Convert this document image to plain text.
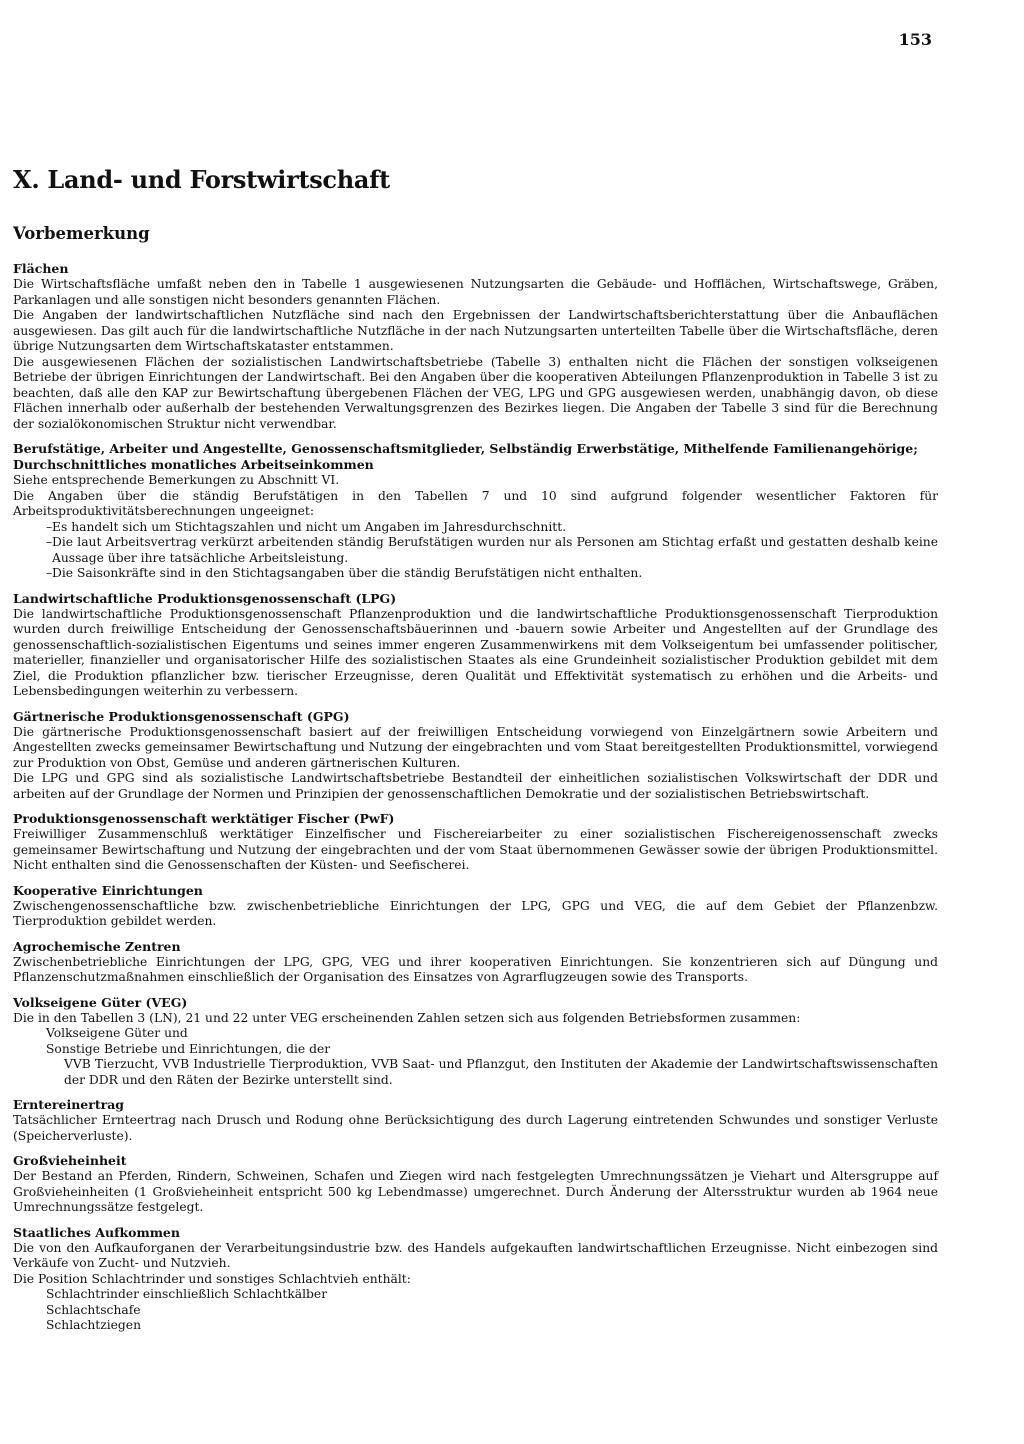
153
X. Land- und Forstwirtschaft
Vorbemerkung
Flächen

Die Wirtschaftsfläche umfaßt neben den in Tabelle 1 ausgewiesenen Nutzungsarten die Gebäude- und Hofflächen, Wirtschaftswege, Gräben, Parkanlagen und alle sonstigen nicht besonders genannten Flächen.

Die Angaben der landwirtschaftlichen Nutzfläche sind nach den Ergebnissen der Landwirtschaftsberichterstattung über die Anbauflächen ausgewiesen. Das gilt auch für die landwirtschaftliche Nutzfläche in der nach Nutzungsarten unterteilten Tabelle über die Wirtschaftsfläche, deren übrige Nutzungsarten dem Wirtschaftskataster entstammen.

Die ausgewiesenen Flächen der sozialistischen Landwirtschaftsbetriebe (Tabelle 3) enthalten nicht die Flächen der sonstigen volkseigenen Betriebe der übrigen Einrichtungen der Landwirtschaft. Bei den Angaben über die kooperativen Abteilungen Pflanzenproduktion in Tabelle 3 ist zu beachten, daß alle den KAP zur Bewirtschaftung übergebenen Flächen der VEG, LPG und GPG ausgewiesen werden, unabhängig davon, ob diese Flächen innerhalb oder außerhalb der bestehenden Verwaltungsgrenzen des Bezirkes liegen. Die Angaben der Tabelle 3 sind für die Berechnung der sozialökonomischen Struktur nicht verwendbar.

Berufstätige, Arbeiter und Angestellte, Genossenschaftsmitglieder, Selbständig Erwerbstätige, Mithelfende Familienangehörige; Durchschnittliches monatliches Arbeitseinkommen

Siehe entsprechende Bemerkungen zu Abschnitt VI.

Die Angaben über die ständig Berufstätigen in den Tabellen 7 und 10 sind aufgrund folgender wesentlicher Faktoren für Arbeitsproduktivitätsberechnungen ungeeignet:

– Es handelt sich um Stichtagszahlen und nicht um Angaben im Jahresdurchschnitt.
– Die laut Arbeitsvertrag verkürzt arbeitenden ständig Berufstätigen wurden nur als Personen am Stichtag erfaßt und gestatten deshalb keine Aussage über ihre tatsächliche Arbeitsleistung.
– Die Saisonkräfte sind in den Stichtagsangaben über die ständig Berufstätigen nicht enthalten.
Landwirtschaftliche Produktionsgenossenschaft (LPG)

Die landwirtschaftliche Produktionsgenossenschaft Pflanzenproduktion und die landwirtschaftliche Produktionsgenossenschaft Tierproduktion wurden durch freiwillige Entscheidung der Genossenschaftsbäuerinnen und -bauern sowie Arbeiter und Angestellten auf der Grundlage des genossenschaftlich-sozialistischen Eigentums und seines immer engeren Zusammenwirkens mit dem Volkseigentum bei umfassender politischer, materieller, finanzieller und organisatorischer Hilfe des sozialistischen Staates als eine Grundeinheit sozialistischer Produktion gebildet mit dem Ziel, die Produktion pflanzlicher bzw. tierischer Erzeugnisse, deren Qualität und Effektivität systematisch zu erhöhen und die Arbeits- und Lebensbedingungen weiterhin zu verbessern.

Gärtnerische Produktionsgenossenschaft (GPG)

Die gärtnerische Produktionsgenossenschaft basiert auf der freiwilligen Entscheidung vorwiegend von Einzelgärtnern sowie Arbeitern und Angestellten zwecks gemeinsamer Bewirtschaftung und Nutzung der eingebrachten und vom Staat bereitgestellten Produktionsmittel, vorwiegend zur Produktion von Obst, Gemüse und anderen gärtnerischen Kulturen.

Die LPG und GPG sind als sozialistische Landwirtschaftsbetriebe Bestandteil der einheitlichen sozialistischen Volkswirtschaft der DDR und arbeiten auf der Grundlage der Normen und Prinzipien der genossenschaftlichen Demokratie und der sozialistischen Betriebswirtschaft.

Produktionsgenossenschaft werktätiger Fischer (PwF)

Freiwilliger Zusammenschluß werktätiger Einzelfischer und Fischereiarbeiter zu einer sozialistischen Fischereigenossenschaft zwecks gemeinsamer Bewirtschaftung und Nutzung der eingebrachten und der vom Staat übernommenen Gewässer sowie der übrigen Produktionsmittel. Nicht enthalten sind die Genossenschaften der Küsten- und Seefischerei.

Kooperative Einrichtungen

Zwischengenossenschaftliche bzw. zwischenbetriebliche Einrichtungen der LPG, GPG und VEG, die auf dem Gebiet der Pflanzenbzw. Tierproduktion gebildet werden.

Agrochemische Zentren

Zwischenbetriebliche Einrichtungen der LPG, GPG, VEG und ihrer kooperativen Einrichtungen. Sie konzentrieren sich auf Düngung und Pflanzenschutzmaßnahmen einschließlich der Organisation des Einsatzes von Agrarflugzeugen sowie des Transports.

Volkseigene Güter (VEG)

Die in den Tabellen 3 (LN), 21 und 22 unter VEG erscheinenden Zahlen setzen sich aus folgenden Betriebsformen zusammen:

Volkseigene Güter und
Sonstige Betriebe und Einrichtungen, die der

VVB Tierzucht, VVB Industrielle Tierproduktion, VVB Saat- und Pflanzgut, den Instituten der Akademie der Landwirtschaftswissenschaften der DDR und den Räten der Bezirke unterstellt sind.

Erntereinertrag

Tatsächlicher Ernteertrag nach Drusch und Rodung ohne Berücksichtigung des durch Lagerung eintretenden Schwundes und sonstiger Verluste (Speicherverluste).

Großvieheinheit

Der Bestand an Pferden, Rindern, Schweinen, Schafen und Ziegen wird nach festgelegten Umrechnungssätzen je Viehart und Altersgruppe auf Großvieheinheiten (1 Großvieheinheit entspricht 500 kg Lebendmasse) umgerechnet. Durch Änderung der Altersstruktur wurden ab 1964 neue Umrechnungssätze festgelegt.

Staatliches Aufkommen

Die von den Aufkauforganen der Verarbeitungsindustrie bzw. des Handels aufgekauften landwirtschaftlichen Erzeugnisse. Nicht einbezogen sind Verkäufe von Zucht- und Nutzvieh.

Die Position Schlachtrinder und sonstiges Schlachtvieh enthält:

Schlachtrinder einschließlich Schlachtkälber
Schlachtschafe
Schlachtziegen
